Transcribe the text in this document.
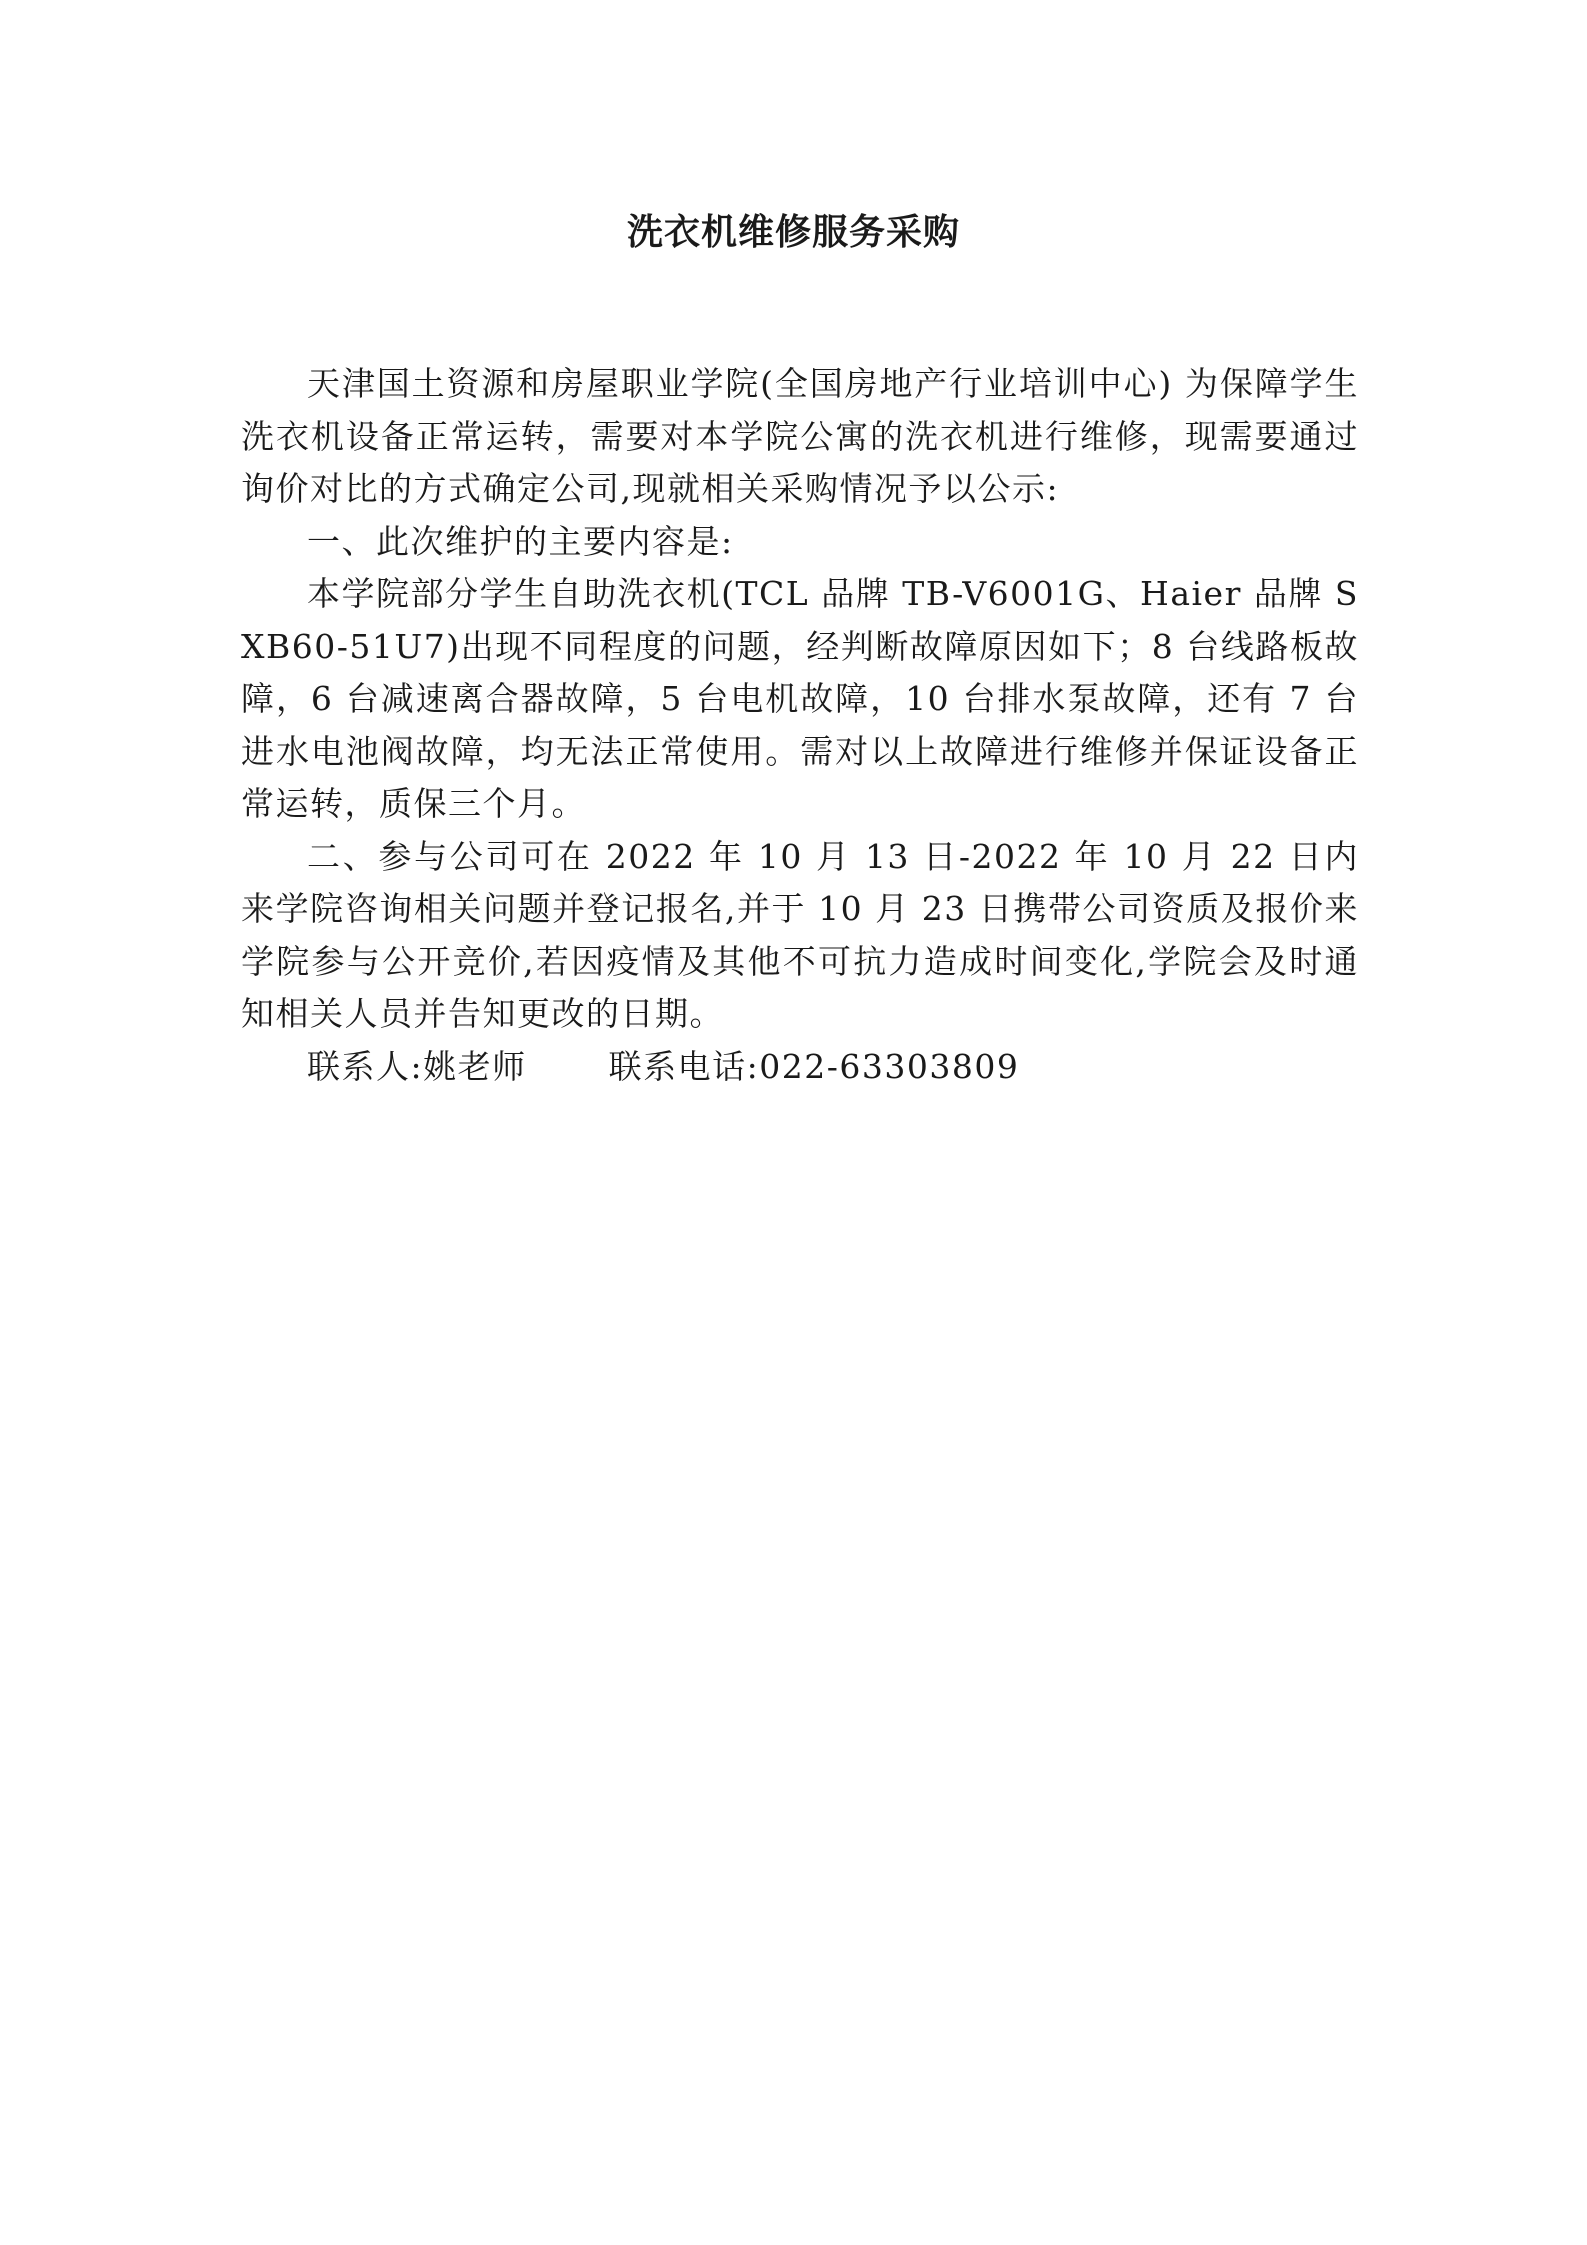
洗衣机维修服务采购

天津国土资源和房屋职业学院(全国房地产行业培训中心) 为保障学生洗衣机设备正常运转，需要对本学院公寓的洗衣机进行维修，现需要通过询价对比的方式确定公司,现就相关采购情况予以公示:

一、此次维护的主要内容是:

本学院部分学生自助洗衣机(TCL 品牌 TB-V6001G、Haier 品牌 SXB60-51U7)出现不同程度的问题，经判断故障原因如下；8 台线路板故障，6 台减速离合器故障，5 台电机故障，10 台排水泵故障，还有 7 台进水电池阀故障，均无法正常使用。需对以上故障进行维修并保证设备正常运转，质保三个月。

二、参与公司可在 2022 年 10 月 13 日-2022 年 10 月 22 日内来学院咨询相关问题并登记报名,并于 10 月 23 日携带公司资质及报价来学院参与公开竞价,若因疫情及其他不可抗力造成时间变化,学院会及时通知相关人员并告知更改的日期。

联系人:姚老师 联系电话:022-63303809
